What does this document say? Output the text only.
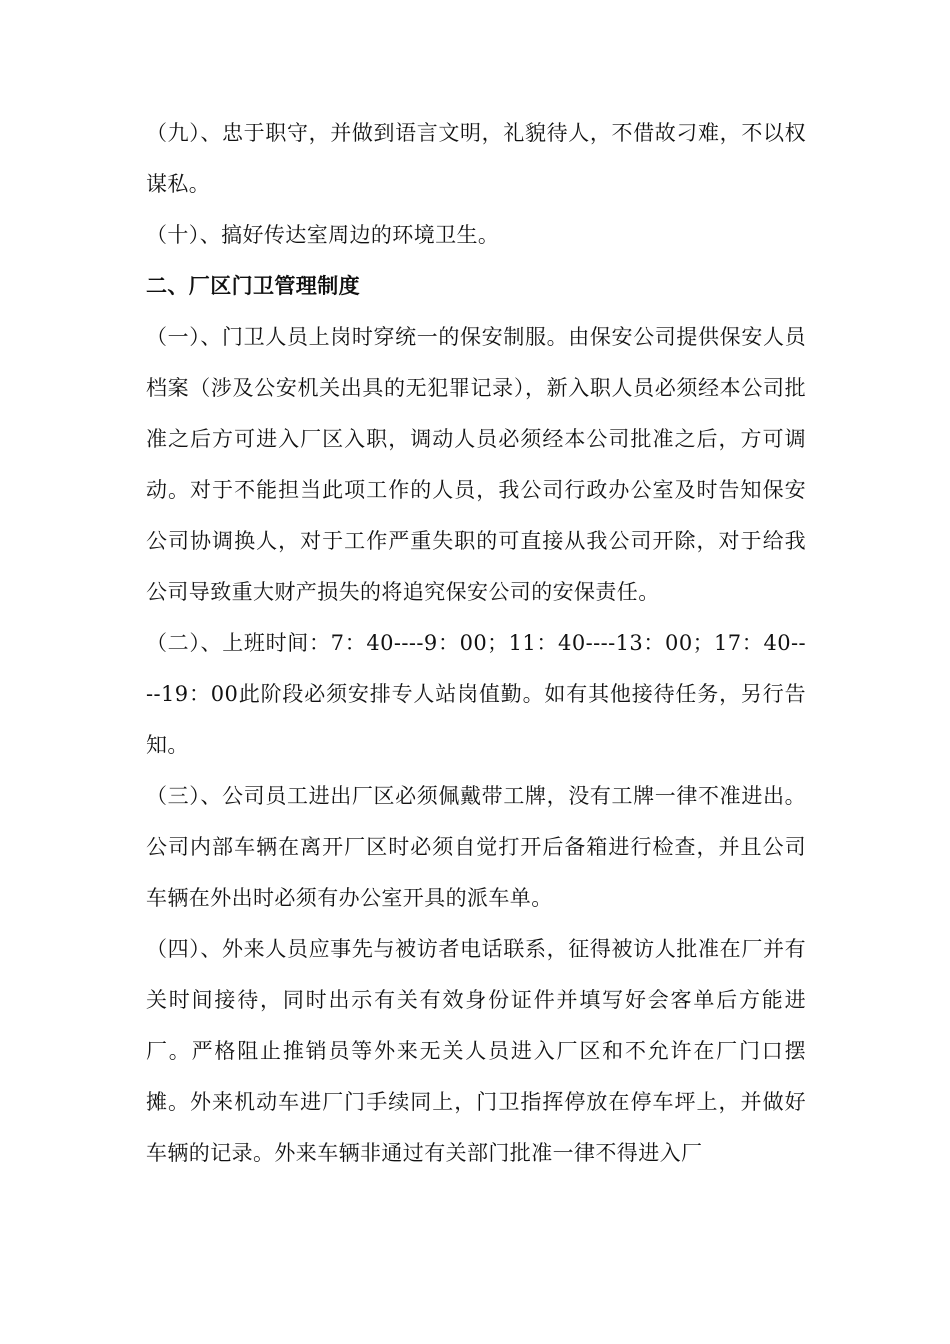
（九）、忠于职守，并做到语言文明，礼貌待人，不借故刁难，不以权谋私。

（十）、搞好传达室周边的环境卫生。

二、厂区门卫管理制度

（一）、门卫人员上岗时穿统一的保安制服。由保安公司提供保安人员档案（涉及公安机关出具的无犯罪记录），新入职人员必须经本公司批准之后方可进入厂区入职，调动人员必须经本公司批准之后，方可调动。对于不能担当此项工作的人员，我公司行政办公室及时告知保安公司协调换人，对于工作严重失职的可直接从我公司开除，对于给我公司导致重大财产损失的将追究保安公司的安保责任。

（二）、上班时间：7：40----9：00；11：40----13：00；17：40----19：00此阶段必须安排专人站岗值勤。如有其他接待任务，另行告知。

（三）、公司员工进出厂区必须佩戴带工牌，没有工牌一律不准进出。公司内部车辆在离开厂区时必须自觉打开后备箱进行检查，并且公司车辆在外出时必须有办公室开具的派车单。

（四）、外来人员应事先与被访者电话联系，征得被访人批准在厂并有关时间接待，同时出示有关有效身份证件并填写好会客单后方能进厂。严格阻止推销员等外来无关人员进入厂区和不允许在厂门口摆摊。外来机动车进厂门手续同上，门卫指挥停放在停车坪上，并做好车辆的记录。外来车辆非通过有关部门批准一律不得进入厂
